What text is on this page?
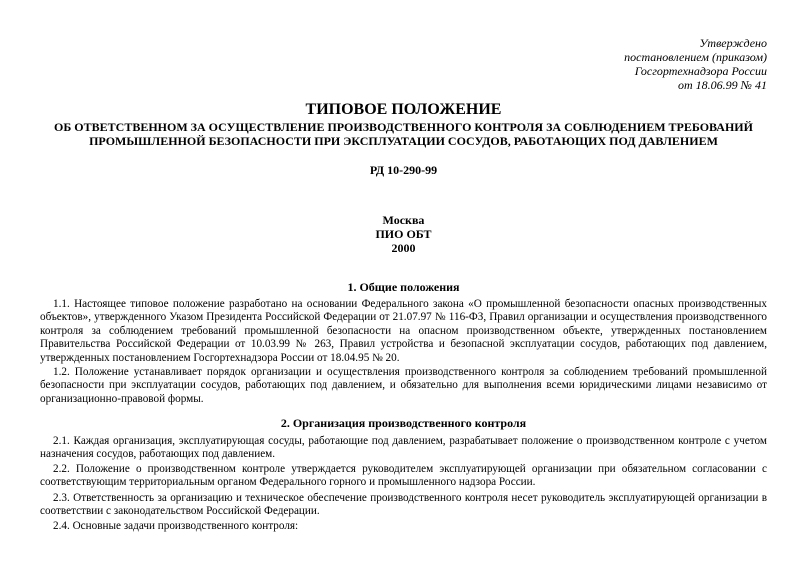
Утверждено
постановлением (приказом)
Госгортехнадзора России
от 18.06.99 № 41
ТИПОВОЕ ПОЛОЖЕНИЕ
ОБ ОТВЕТСТВЕННОМ ЗА ОСУЩЕСТВЛЕНИЕ ПРОИЗВОДСТВЕННОГО КОНТРОЛЯ ЗА СОБЛЮДЕНИЕМ ТРЕБОВАНИЙ
ПРОМЫШЛЕННОЙ БЕЗОПАСНОСТИ ПРИ ЭКСПЛУАТАЦИИ СОСУДОВ, РАБОТАЮЩИХ ПОД ДАВЛЕНИЕМ
РД 10-290-99
Москва
ПИО ОБТ
2000
1. Общие положения
1.1. Настоящее типовое положение разработано на основании Федерального закона «О промышленной безопасности опасных производственных объектов», утвержденного Указом Президента Российской Федерации от 21.07.97 № 116-ФЗ, Правил организации и осуществления производственного контроля за соблюдением требований промышленной безопасности на опасном производственном объекте, утвержденных постановлением Правительства Российской Федерации от 10.03.99 № 263, Правил устройства и безопасной эксплуатации сосудов, работающих под давлением, утвержденных постановлением Госгортехнадзора России от 18.04.95 № 20.
1.2. Положение устанавливает порядок организации и осуществления производственного контроля за соблюдением требований промышленной безопасности при эксплуатации сосудов, работающих под давлением, и обязательно для выполнения всеми юридическими лицами независимо от организационно-правовой формы.
2. Организация производственного контроля
2.1. Каждая организация, эксплуатирующая сосуды, работающие под давлением, разрабатывает положение о производственном контроле с учетом назначения сосудов, работающих под давлением.
2.2. Положение о производственном контроле утверждается руководителем эксплуатирующей организации при обязательном согласовании с соответствующим территориальным органом Федерального горного и промышленного надзора России.
2.3. Ответственность за организацию и техническое обеспечение производственного контроля несет руководитель эксплуатирующей организации в соответствии с законодательством Российской Федерации.
2.4. Основные задачи производственного контроля:
